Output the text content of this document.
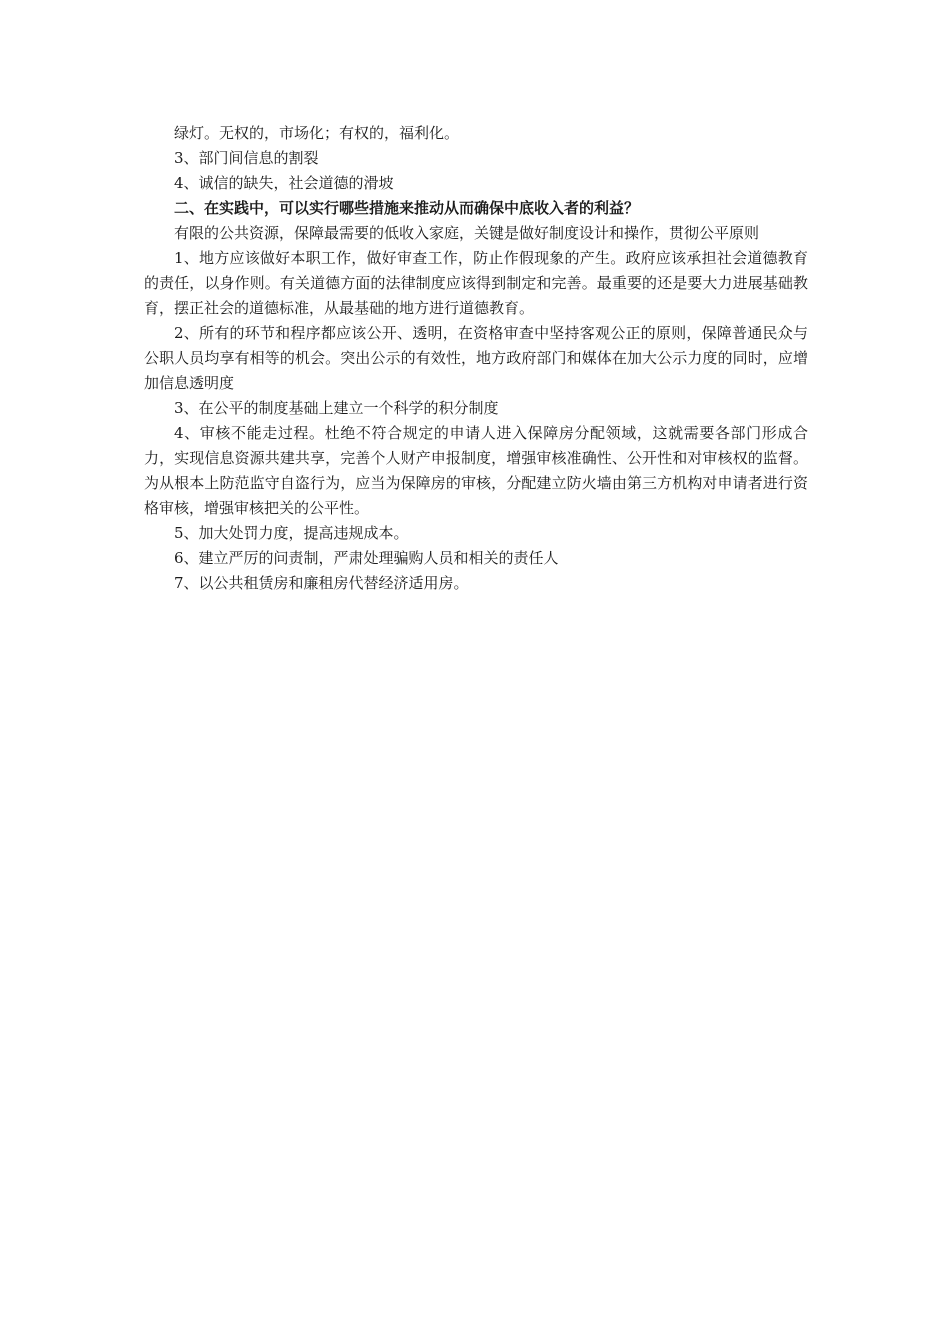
绿灯。无权的，市场化；有权的，福利化。

3、部门间信息的割裂

4、诚信的缺失，社会道德的滑坡

二、在实践中，可以实行哪些措施来推动从而确保中底收入者的利益？

有限的公共资源，保障最需要的低收入家庭，关键是做好制度设计和操作，贯彻公平原则

1、地方应该做好本职工作，做好审查工作，防止作假现象的产生。政府应该承担社会道德教育的责任，以身作则。有关道德方面的法律制度应该得到制定和完善。最重要的还是要大力进展基础教育，摆正社会的道德标准，从最基础的地方进行道德教育。

2、所有的环节和程序都应该公开、透明，在资格审查中坚持客观公正的原则，保障普通民众与公职人员均享有相等的机会。突出公示的有效性，地方政府部门和媒体在加大公示力度的同时，应增加信息透明度

3、在公平的制度基础上建立一个科学的积分制度

4、审核不能走过程。杜绝不符合规定的申请人进入保障房分配领域，这就需要各部门形成合力，实现信息资源共建共享，完善个人财产申报制度，增强审核准确性、公开性和对审核权的监督。为从根本上防范监守自盗行为，应当为保障房的审核，分配建立防火墙由第三方机构对申请者进行资格审核，增强审核把关的公平性。

5、加大处罚力度，提高违规成本。

6、建立严厉的问责制，严肃处理骗购人员和相关的责任人

7、以公共租赁房和廉租房代替经济适用房。
